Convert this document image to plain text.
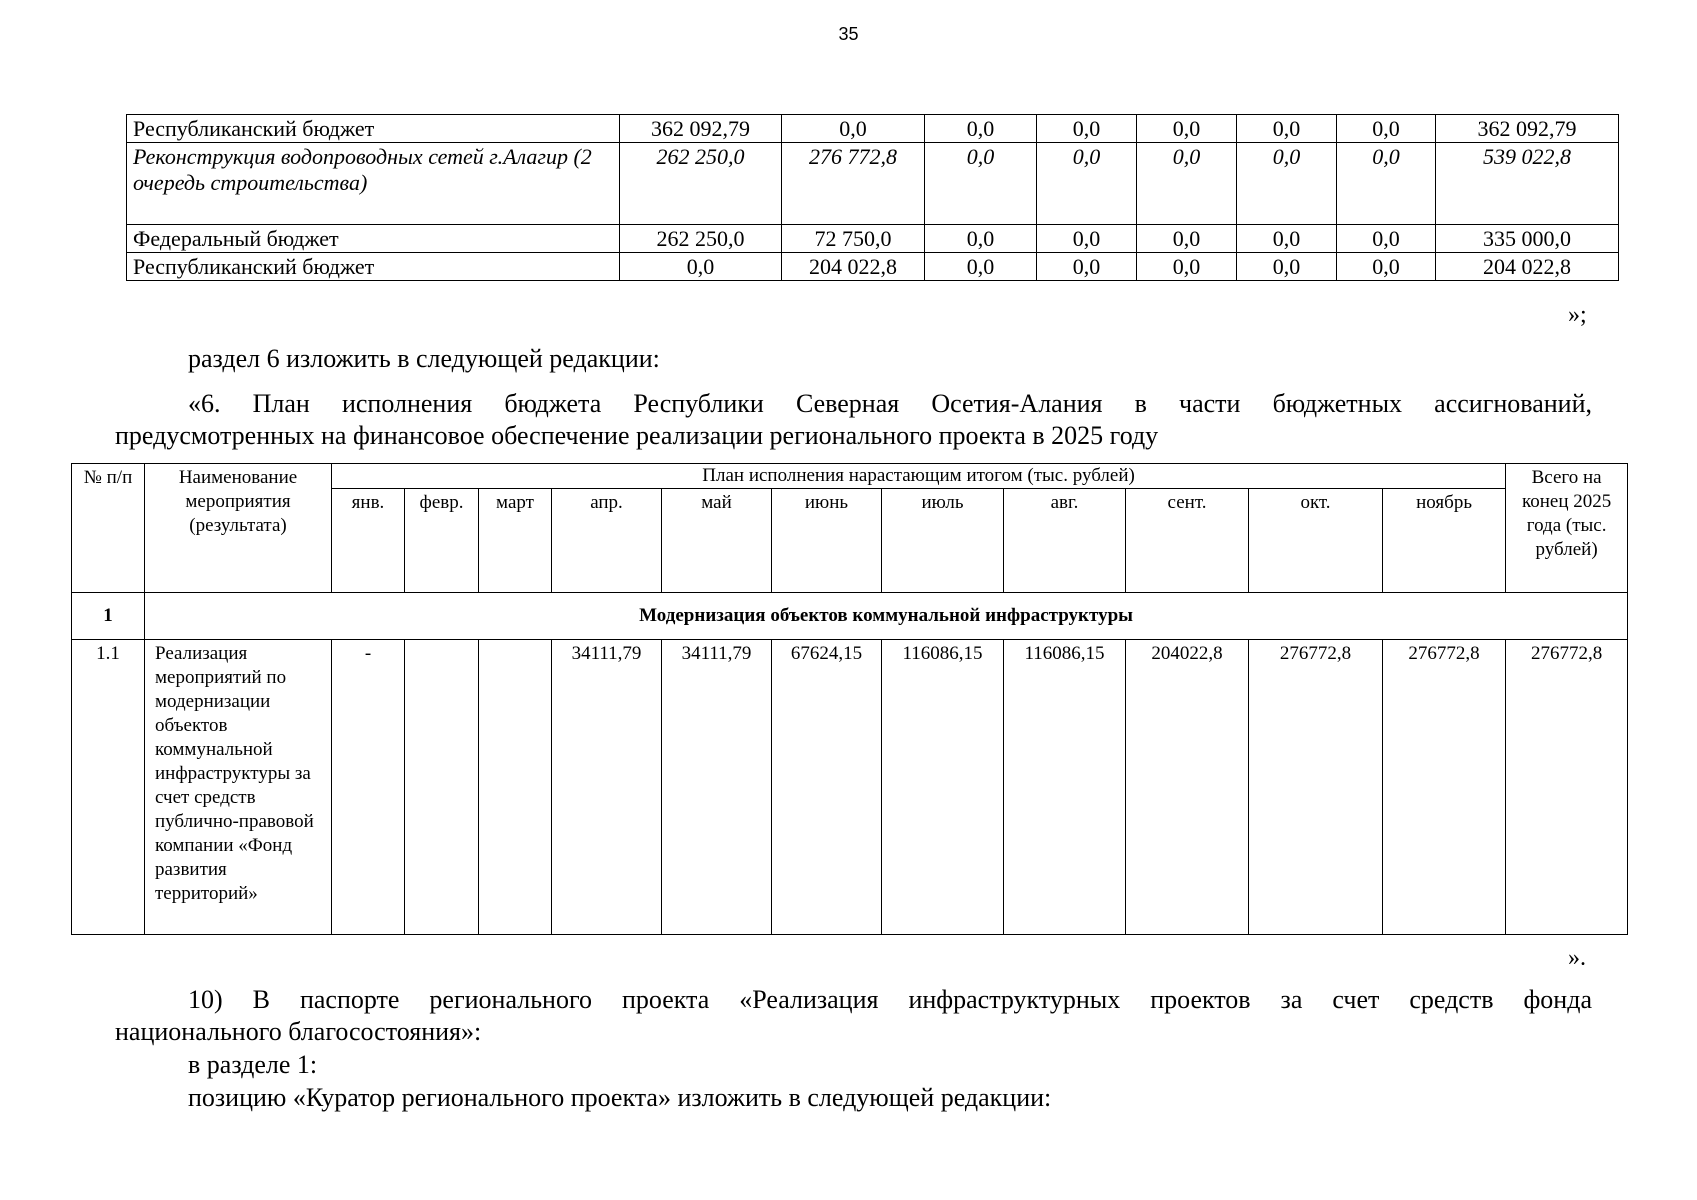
35
Республиканский бюджет	362 092,79	0,0	0,0	0,0	0,0	0,0	0,0	362 092,79
Реконструкция водопроводных сетей г.Алагир (2 очередь строительства)	262 250,0	276 772,8	0,0	0,0	0,0	0,0	0,0	539 022,8
Федеральный бюджет	262 250,0	72 750,0	0,0	0,0	0,0	0,0	0,0	335 000,0
Республиканский бюджет	0,0	204 022,8	0,0	0,0	0,0	0,0	0,0	204 022,8
»;
раздел 6 изложить в следующей редакции:
«6. План исполнения бюджета Республики Северная Осетия-Алания в части бюджетных ассигнований,
предусмотренных на финансовое обеспечение реализации регионального проекта в 2025 году
№ п/п	Наименование мероприятия (результата)	План исполнения нарастающим итогом (тыс. рублей)											Всего на конец 2025 года (тыс. рублей)
		янв.	февр.	март	апр.	май	июнь	июль	авг.	сент.	окт.	ноябрь	
1	Модернизация объектов коммунальной инфраструктуры												
1.1	Реализация мероприятий по модернизации объектов коммунальной инфраструктуры за счет средств публично-правовой компании «Фонд развития территорий»	-			34111,79	34111,79	67624,15	116086,15	116086,15	204022,8	276772,8	276772,8	276772,8
».
10) В паспорте регионального проекта «Реализация инфраструктурных проектов за счет средств фонда
национального благосостояния»:
в разделе 1:
позицию «Куратор регионального проекта» изложить в следующей редакции:
